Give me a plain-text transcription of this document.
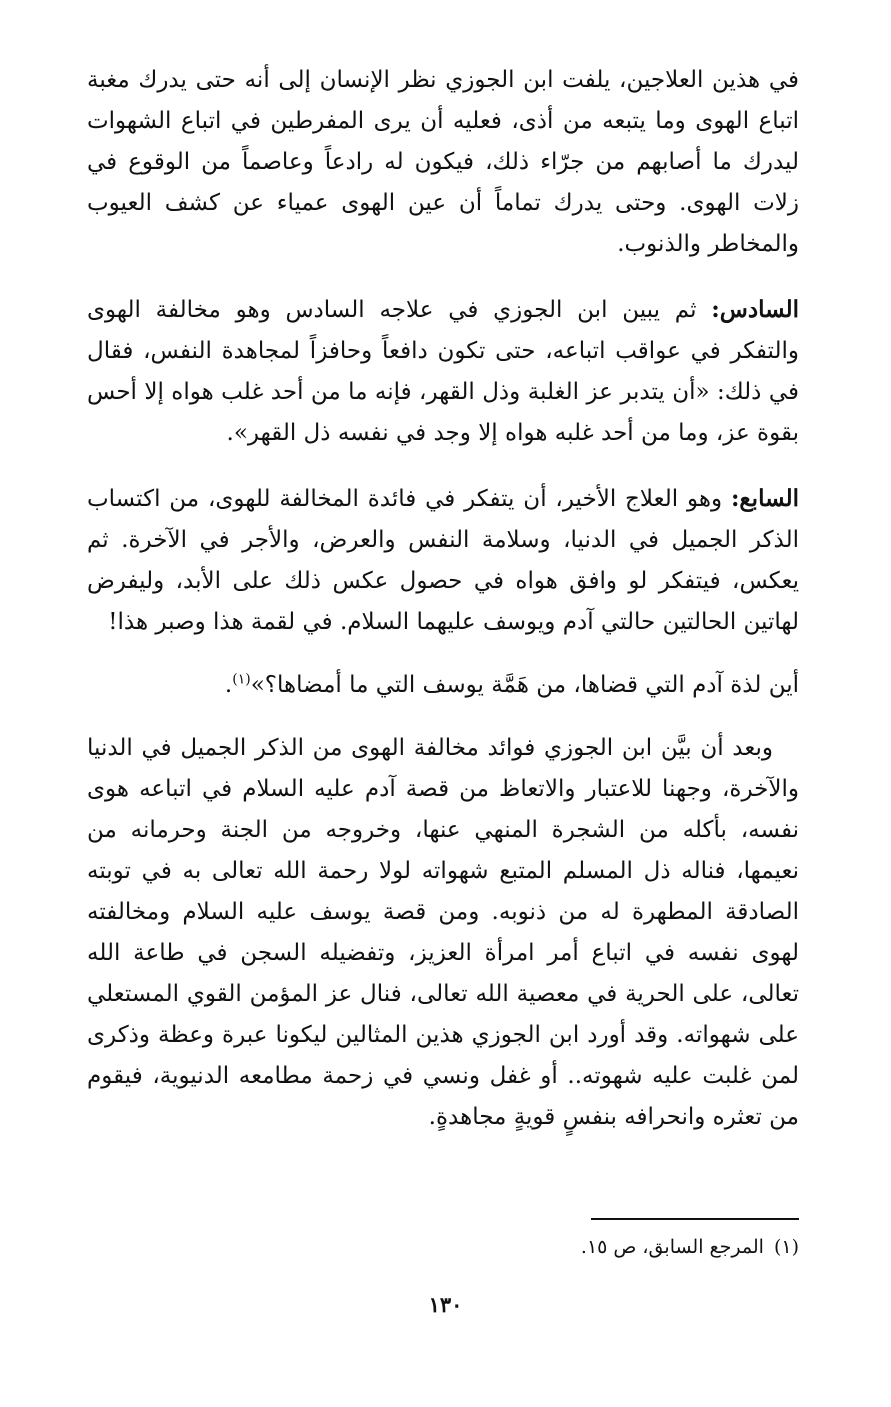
في هذين العلاجين، يلفت ابن الجوزي نظر الإنسان إلى أنه حتى يدرك مغبة اتباع الهوى وما يتبعه من أذى، فعليه أن يرى المفرطين في اتباع الشهوات ليدرك ما أصابهم من جرّاء ذلك، فيكون له رادعاً وعاصماً من الوقوع في زلات الهوى. وحتى يدرك تماماً أن عين الهوى عمياء عن كشف العيوب والمخاطر والذنوب.

السادس: ثم يبين ابن الجوزي في علاجه السادس وهو مخالفة الهوى والتفكر في عواقب اتباعه، حتى تكون دافعاً وحافزاً لمجاهدة النفس، فقال في ذلك: «أن يتدبر عز الغلبة وذل القهر، فإنه ما من أحد غلب هواه إلا أحس بقوة عز، وما من أحد غلبه هواه إلا وجد في نفسه ذل القهر».

السابع: وهو العلاج الأخير، أن يتفكر في فائدة المخالفة للهوى، من اكتساب الذكر الجميل في الدنيا، وسلامة النفس والعرض، والأجر في الآخرة. ثم يعكس، فيتفكر لو وافق هواه في حصول عكس ذلك على الأبد، وليفرض لهاتين الحالتين حالتي آدم ويوسف عليهما السلام. في لقمة هذا وصبر هذا!

أين لذة آدم التي قضاها، من هَمَّة يوسف التي ما أمضاها؟»$^{(١)}$.

وبعد أن بيَّن ابن الجوزي فوائد مخالفة الهوى من الذكر الجميل في الدنيا والآخرة، وجهنا للاعتبار والاتعاظ من قصة آدم عليه السلام في اتباعه هوى نفسه، بأكله من الشجرة المنهي عنها، وخروجه من الجنة وحرمانه من نعيمها، فناله ذل المسلم المتبع شهواته لولا رحمة الله تعالى به في توبته الصادقة المطهرة له من ذنوبه. ومن قصة يوسف عليه السلام ومخالفته لهوى نفسه في اتباع أمر امرأة العزيز، وتفضيله السجن في طاعة الله تعالى، على الحرية في معصية الله تعالى، فنال عز المؤمن القوي المستعلي على شهواته. وقد أورد ابن الجوزي هذين المثالين ليكونا عبرة وعظة وذكرى لمن غلبت عليه شهوته.. أو غفل ونسي في زحمة مطامعه الدنيوية، فيقوم من تعثره وانحرافه بنفسٍ قويةٍ مجاهدةٍ.

(١)المرجع السابق، ص ١٥.
١٣٠
